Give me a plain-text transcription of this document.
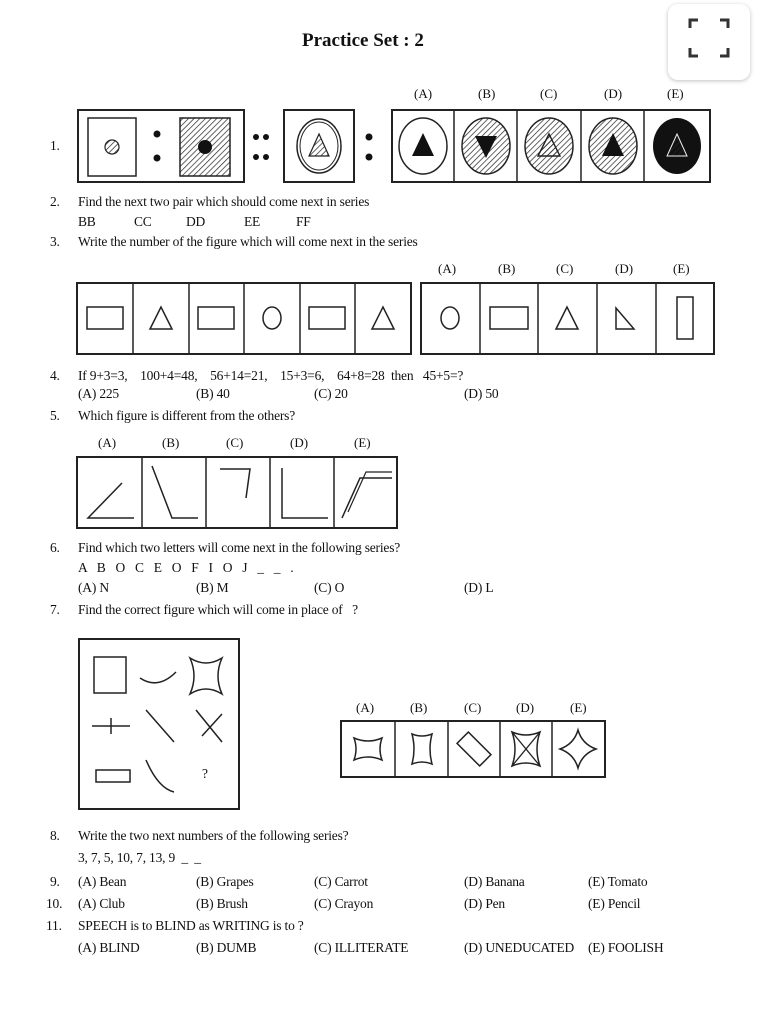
Practice Set : 2
1.
(A)	(B)	(C)	(D)	(E)
2. Find the next two pair which should come next in series
BB	CC	DD	EE	FF
3. Write the number of the figure which will come next in the series
(A)	(B)	(C)	(D)	(E)
4. If 9+3=3,    100+4=48,    56+14=21,    15+3=6,    64+8=28  then   45+5=?
(A) 225	(B) 40	(C) 20	(D) 50
5. Which figure is different from the others?
(A)	(B)	(C)	(D)	(E)
6. Find which two letters will come next in the following series?
A  B  O  C  E  O  F  I  O  J  _  _  .
(A) N	(B) M	(C) O	(D) L
7. Find the correct figure which will come in place of   ?
?
(A)	(B)	(C)	(D)	(E)
8. Write the two next numbers of the following series?
3, 7, 5, 10, 7, 13, 9  _  _
9. (A) Bean	(B) Grapes	(C) Carrot	(D) Banana	(E) Tomato
10. (A) Club	(B) Brush	(C) Crayon	(D) Pen	(E) Pencil
11. SPEECH is to BLIND as WRITING is to ?
(A) BLIND	(B) DUMB	(C) ILLITERATE	(D) UNEDUCATED (E) FOOLISH
